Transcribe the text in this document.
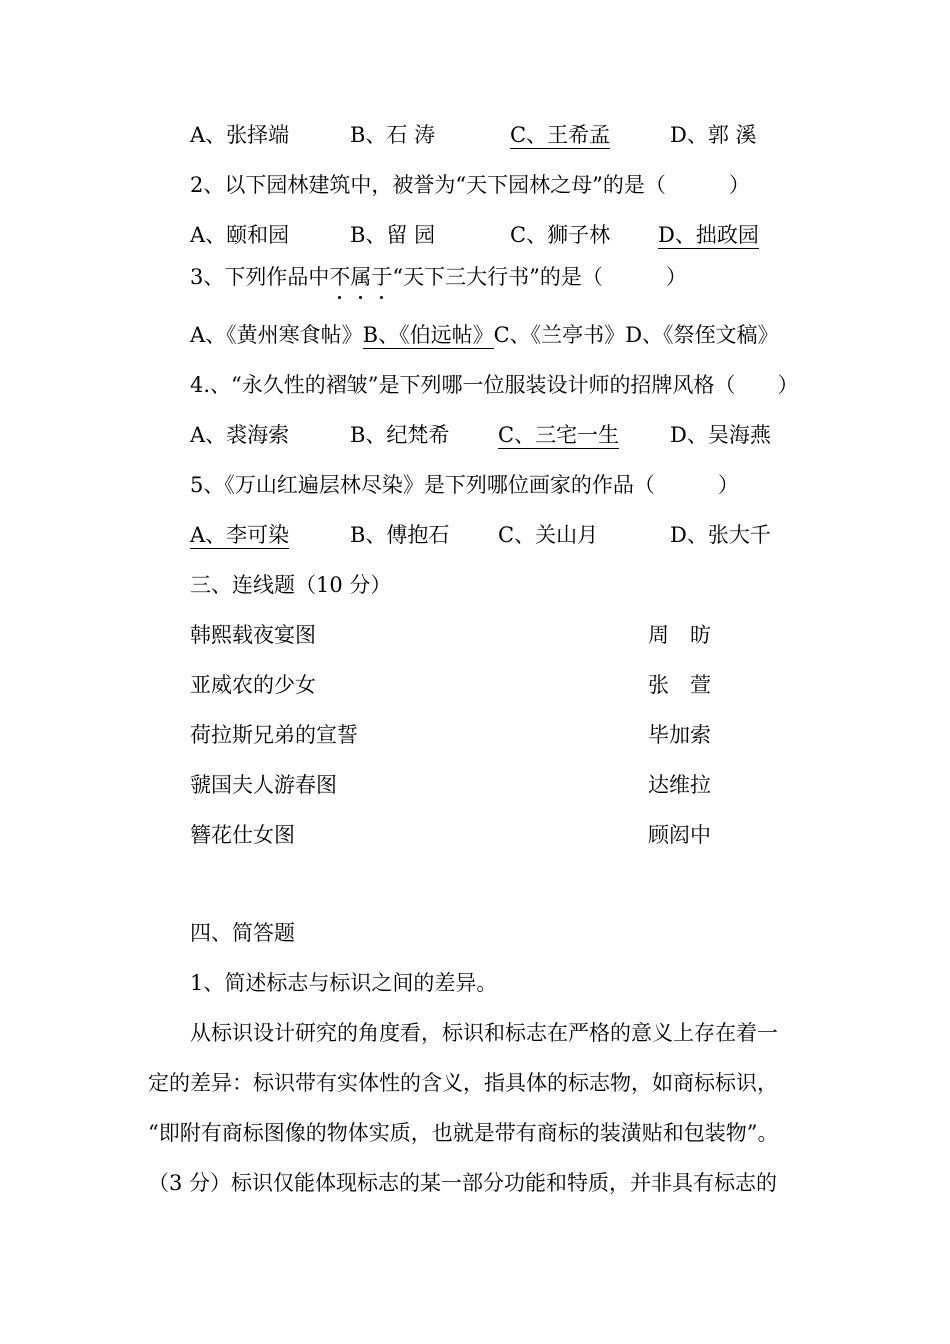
A、张择端	B、石 涛	C、王希孟	D、郭 溪
2、以下园林建筑中，被誉为“天下园林之母”的是（　　　）
A、颐和园	B、留 园	C、狮子林 D、拙政园
3、下列作品中不属于
“天下三大行书”的是（　　　）
A、《黄州寒食帖》B、《伯远帖》C、《兰亭书》D、《祭侄文稿》
4.、“永久性的褶皱”是下列哪一位服装设计师的招牌风格（　　）
A、裘海索	B、纪梵希 C、三宅一生 D、吴海燕
5、《万山红遍层林尽染》是下列哪位画家的作品（　　　）
A、李可染	B、傅抱石 C、关山月	D、张大千
三、连线题（10 分）
韩熙载夜宴图	周　昉
亚威农的少女	张　萱
荷拉斯兄弟的宣誓	毕加索
虢国夫人游春图	达维拉
簪花仕女图	顾闳中
四、简答题
1、简述标志与标识之间的差异。
从标识设计研究的角度看，标识和标志在严格的意义上存在着一
定的差异：标识带有实体性的含义，指具体的标志物，如商标标识，
“即附有商标图像的物体实质，也就是带有商标的装潢贴和包装物”。
（3 分）标识仅能体现标志的某一部分功能和特质，并非具有标志的
